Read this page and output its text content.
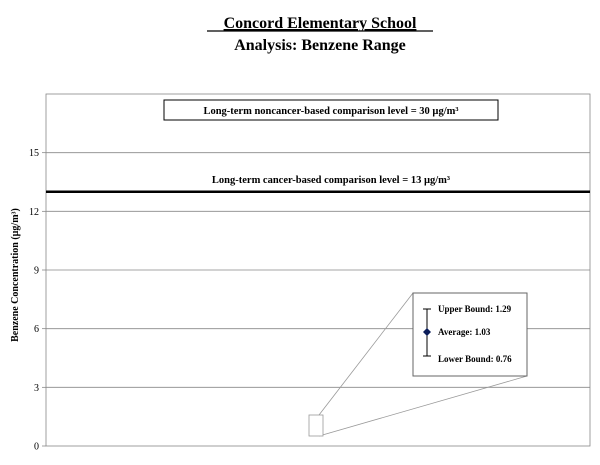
Concord Elementary School
Analysis: Benzene Range
0
3
6
9
12
15
Long-term cancer-based comparison level = 13 µg/m³
Benzene Concentration (µg/m³)
Long-term noncancer-based comparison level = 30 µg/m³
Upper Bound: 1.29
Average: 1.03
Lower Bound: 0.76
